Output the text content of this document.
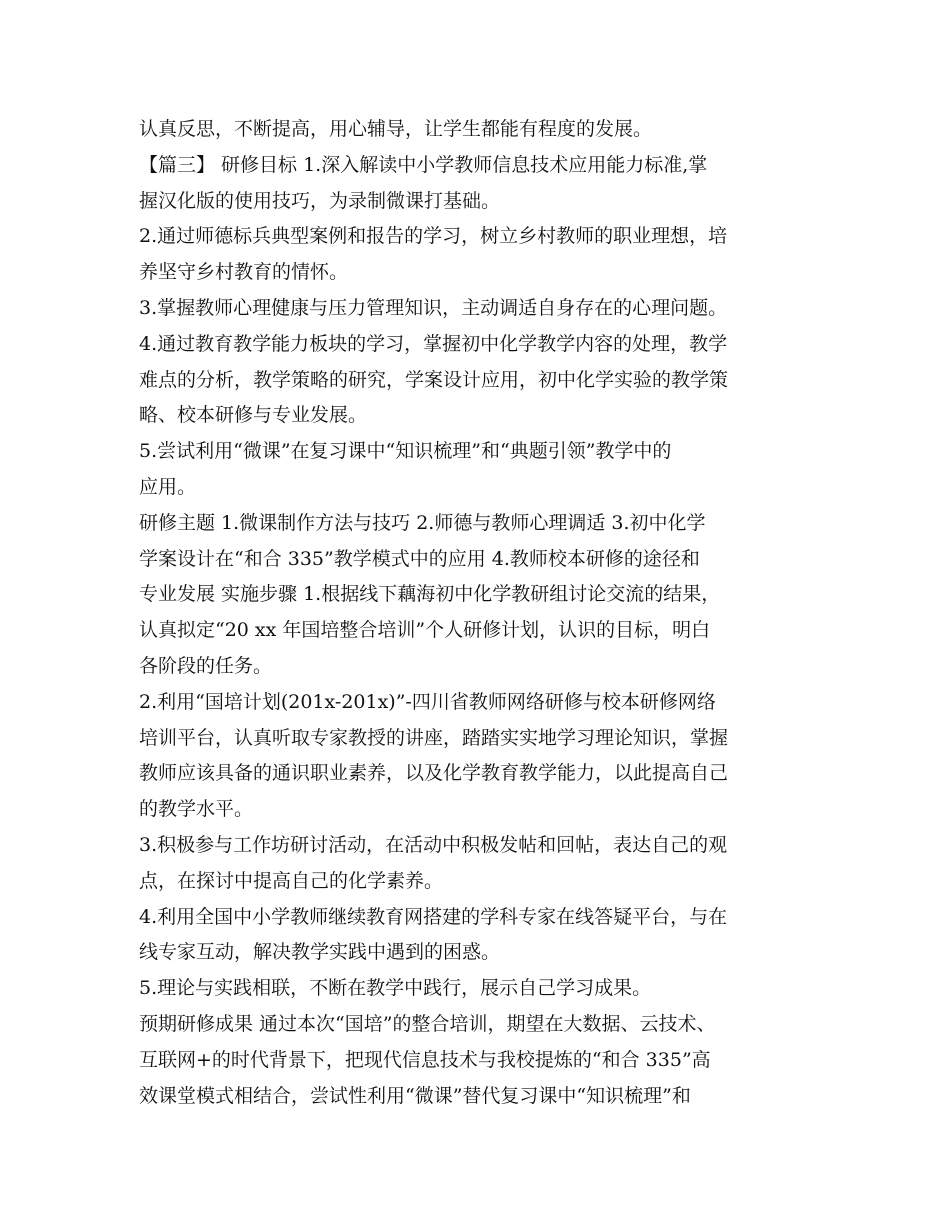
认真反思，不断提高，用心辅导，让学生都能有程度的发展。
【篇三】 研修目标 1.深入解读中小学教师信息技术应用能力标准,掌
握汉化版的使用技巧，为录制微课打基础。
2.通过师德标兵典型案例和报告的学习，树立乡村教师的职业理想，培
养坚守乡村教育的情怀。
3.掌握教师心理健康与压力管理知识，主动调适自身存在的心理问题。
4.通过教育教学能力板块的学习，掌握初中化学教学内容的处理，教学
难点的分析，教学策略的研究，学案设计应用，初中化学实验的教学策
略、校本研修与专业发展。
5.尝试利用“微课”在复习课中“知识梳理”和“典题引领”教学中的
应用。
研修主题 1.微课制作方法与技巧 2.师德与教师心理调适 3.初中化学
学案设计在“和合 335”教学模式中的应用 4.教师校本研修的途径和
专业发展 实施步骤 1.根据线下藕海初中化学教研组讨论交流的结果，
认真拟定“20 xx 年国培整合培训”个人研修计划，认识的目标，明白
各阶段的任务。
2.利用“国培计划(201x-201x)”-四川省教师网络研修与校本研修网络
培训平台，认真听取专家教授的讲座，踏踏实实地学习理论知识，掌握
教师应该具备的通识职业素养，以及化学教育教学能力，以此提高自己
的教学水平。
3.积极参与工作坊研讨活动，在活动中积极发帖和回帖，表达自己的观
点，在探讨中提高自己的化学素养。
4.利用全国中小学教师继续教育网搭建的学科专家在线答疑平台，与在
线专家互动，解决教学实践中遇到的困惑。
5.理论与实践相联，不断在教学中践行，展示自己学习成果。
预期研修成果 通过本次“国培”的整合培训，期望在大数据、云技术、
互联网+的时代背景下，把现代信息技术与我校提炼的“和合 335”高
效课堂模式相结合，尝试性利用“微课”替代复习课中“知识梳理”和
